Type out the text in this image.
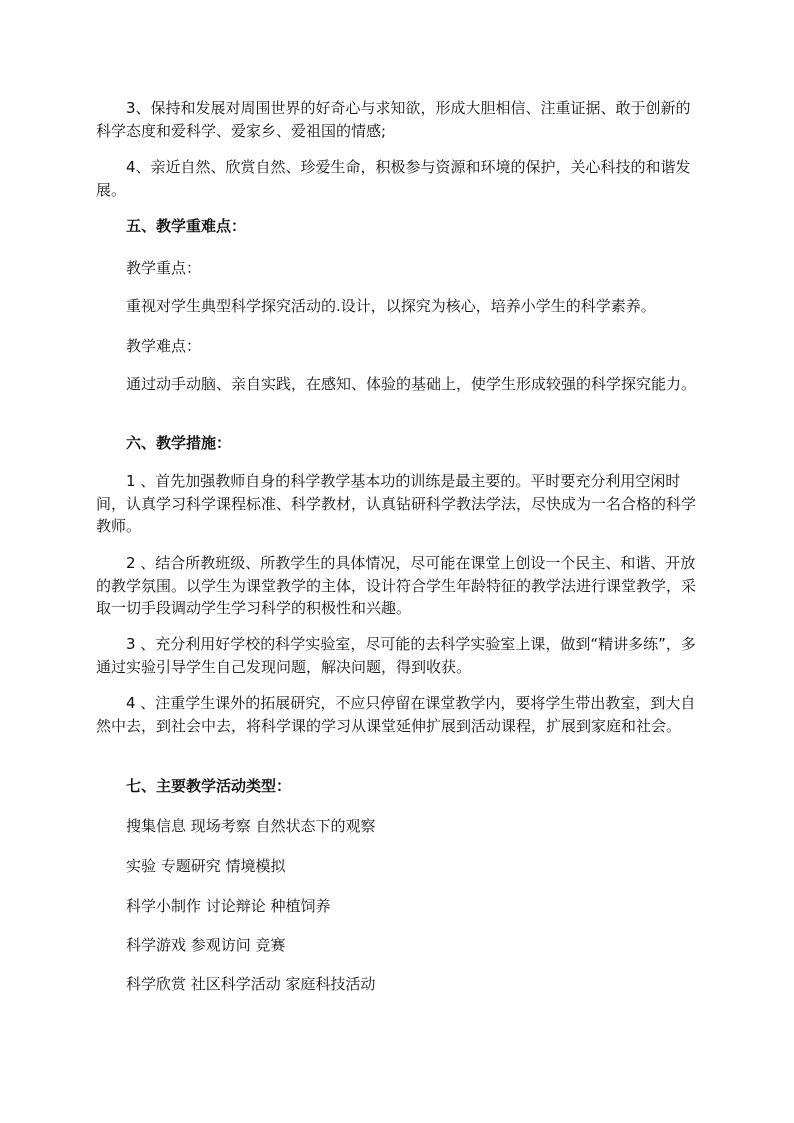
3、保持和发展对周围世界的好奇心与求知欲，形成大胆相信、注重证据、敢于创新的科学态度和爱科学、爱家乡、爱祖国的情感;

4、亲近自然、欣赏自然、珍爱生命，积极参与资源和环境的保护，关心科技的和谐发展。

五、教学重难点：

教学重点：

重视对学生典型科学探究活动的.设计，以探究为核心，培养小学生的科学素养。

教学难点：

通过动手动脑、亲自实践，在感知、体验的基础上，使学生形成较强的科学探究能力。

六、教学措施：

1 、首先加强教师自身的科学教学基本功的训练是最主要的。平时要充分利用空闲时间，认真学习科学课程标准、科学教材，认真钻研科学教法学法，尽快成为一名合格的科学教师。

2 、结合所教班级、所教学生的具体情况，尽可能在课堂上创设一个民主、和谐、开放的教学氛围。以学生为课堂教学的主体，设计符合学生年龄特征的教学法进行课堂教学，采取一切手段调动学生学习科学的积极性和兴趣。

3 、充分利用好学校的科学实验室，尽可能的去科学实验室上课，做到“精讲多练”，多通过实验引导学生自己发现问题，解决问题，得到收获。

4 、注重学生课外的拓展研究，不应只停留在课堂教学内，要将学生带出教室，到大自然中去，到社会中去，将科学课的学习从课堂延伸扩展到活动课程，扩展到家庭和社会。

七、主要教学活动类型：

搜集信息 现场考察 自然状态下的观察

实验 专题研究 情境模拟

科学小制作 讨论辩论 种植饲养

科学游戏 参观访问 竞赛

科学欣赏 社区科学活动 家庭科技活动
